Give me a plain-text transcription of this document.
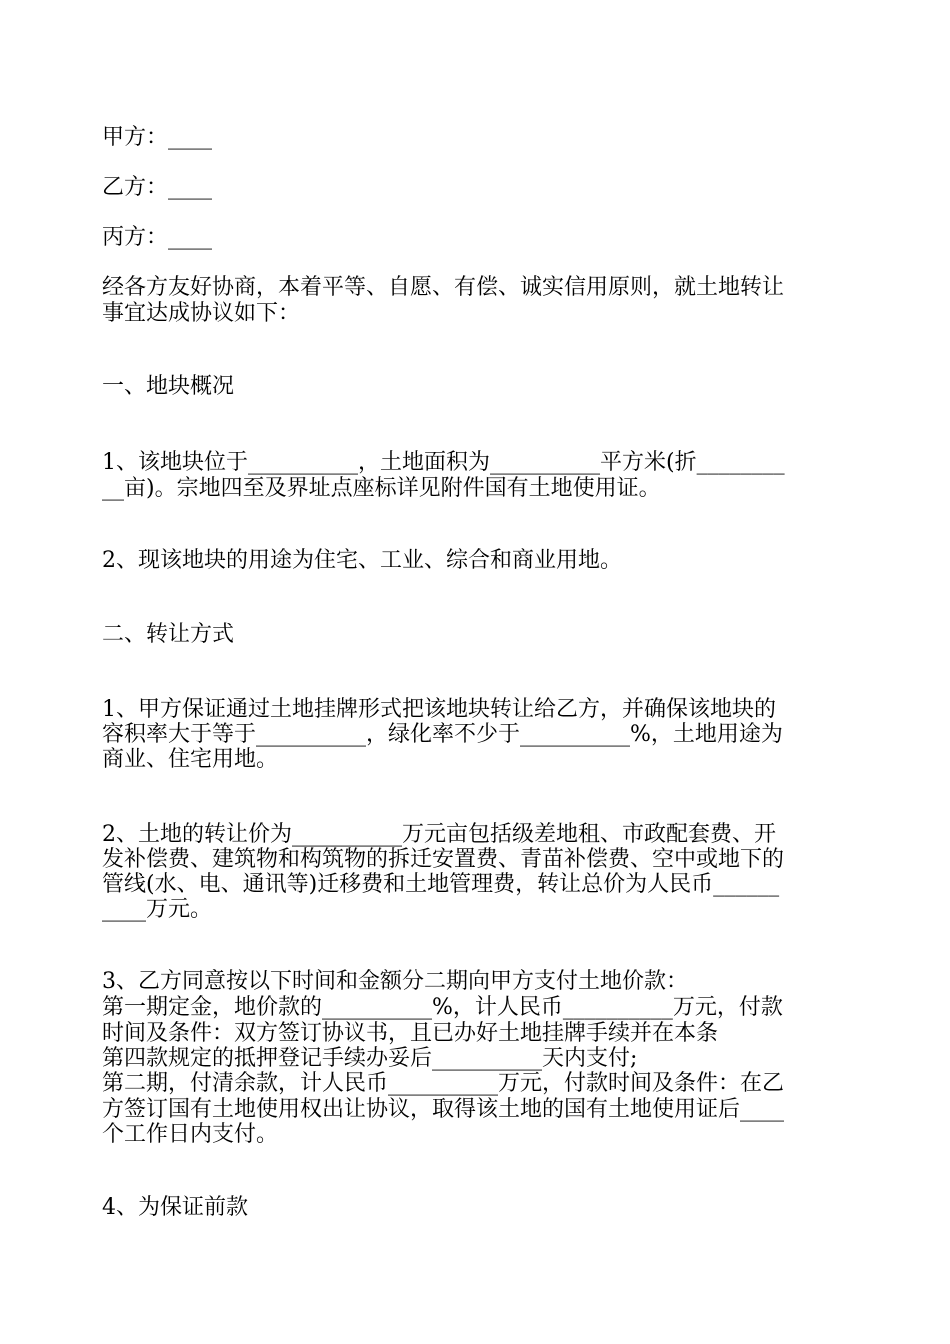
甲方：____
乙方：____
丙方：____
经各方友好协商，本着平等、自愿、有偿、诚实信用原则，就土地转让
事宜达成协议如下：
一、地块概况
1、该地块位于__________，土地面积为__________平方米(折________
__亩)。宗地四至及界址点座标详见附件国有土地使用证。
2、现该地块的用途为住宅、工业、综合和商业用地。
二、转让方式
1、甲方保证通过土地挂牌形式把该地块转让给乙方，并确保该地块的
容积率大于等于__________，绿化率不少于__________%，土地用途为
商业、住宅用地。
2、土地的转让价为__________万元亩包括级差地租、市政配套费、开
发补偿费、建筑物和构筑物的拆迁安置费、青苗补偿费、空中或地下的
管线(水、电、通讯等)迁移费和土地管理费，转让总价为人民币______
____万元。
3、乙方同意按以下时间和金额分二期向甲方支付土地价款：
第一期定金，地价款的__________%，计人民币__________万元，付款
时间及条件：双方签订协议书，且已办好土地挂牌手续并在本条
第四款规定的抵押登记手续办妥后__________天内支付;
第二期，付清余款，计人民币__________万元，付款时间及条件：在乙
方签订国有土地使用权出让协议，取得该土地的国有土地使用证后____
个工作日内支付。
4、为保证前款
